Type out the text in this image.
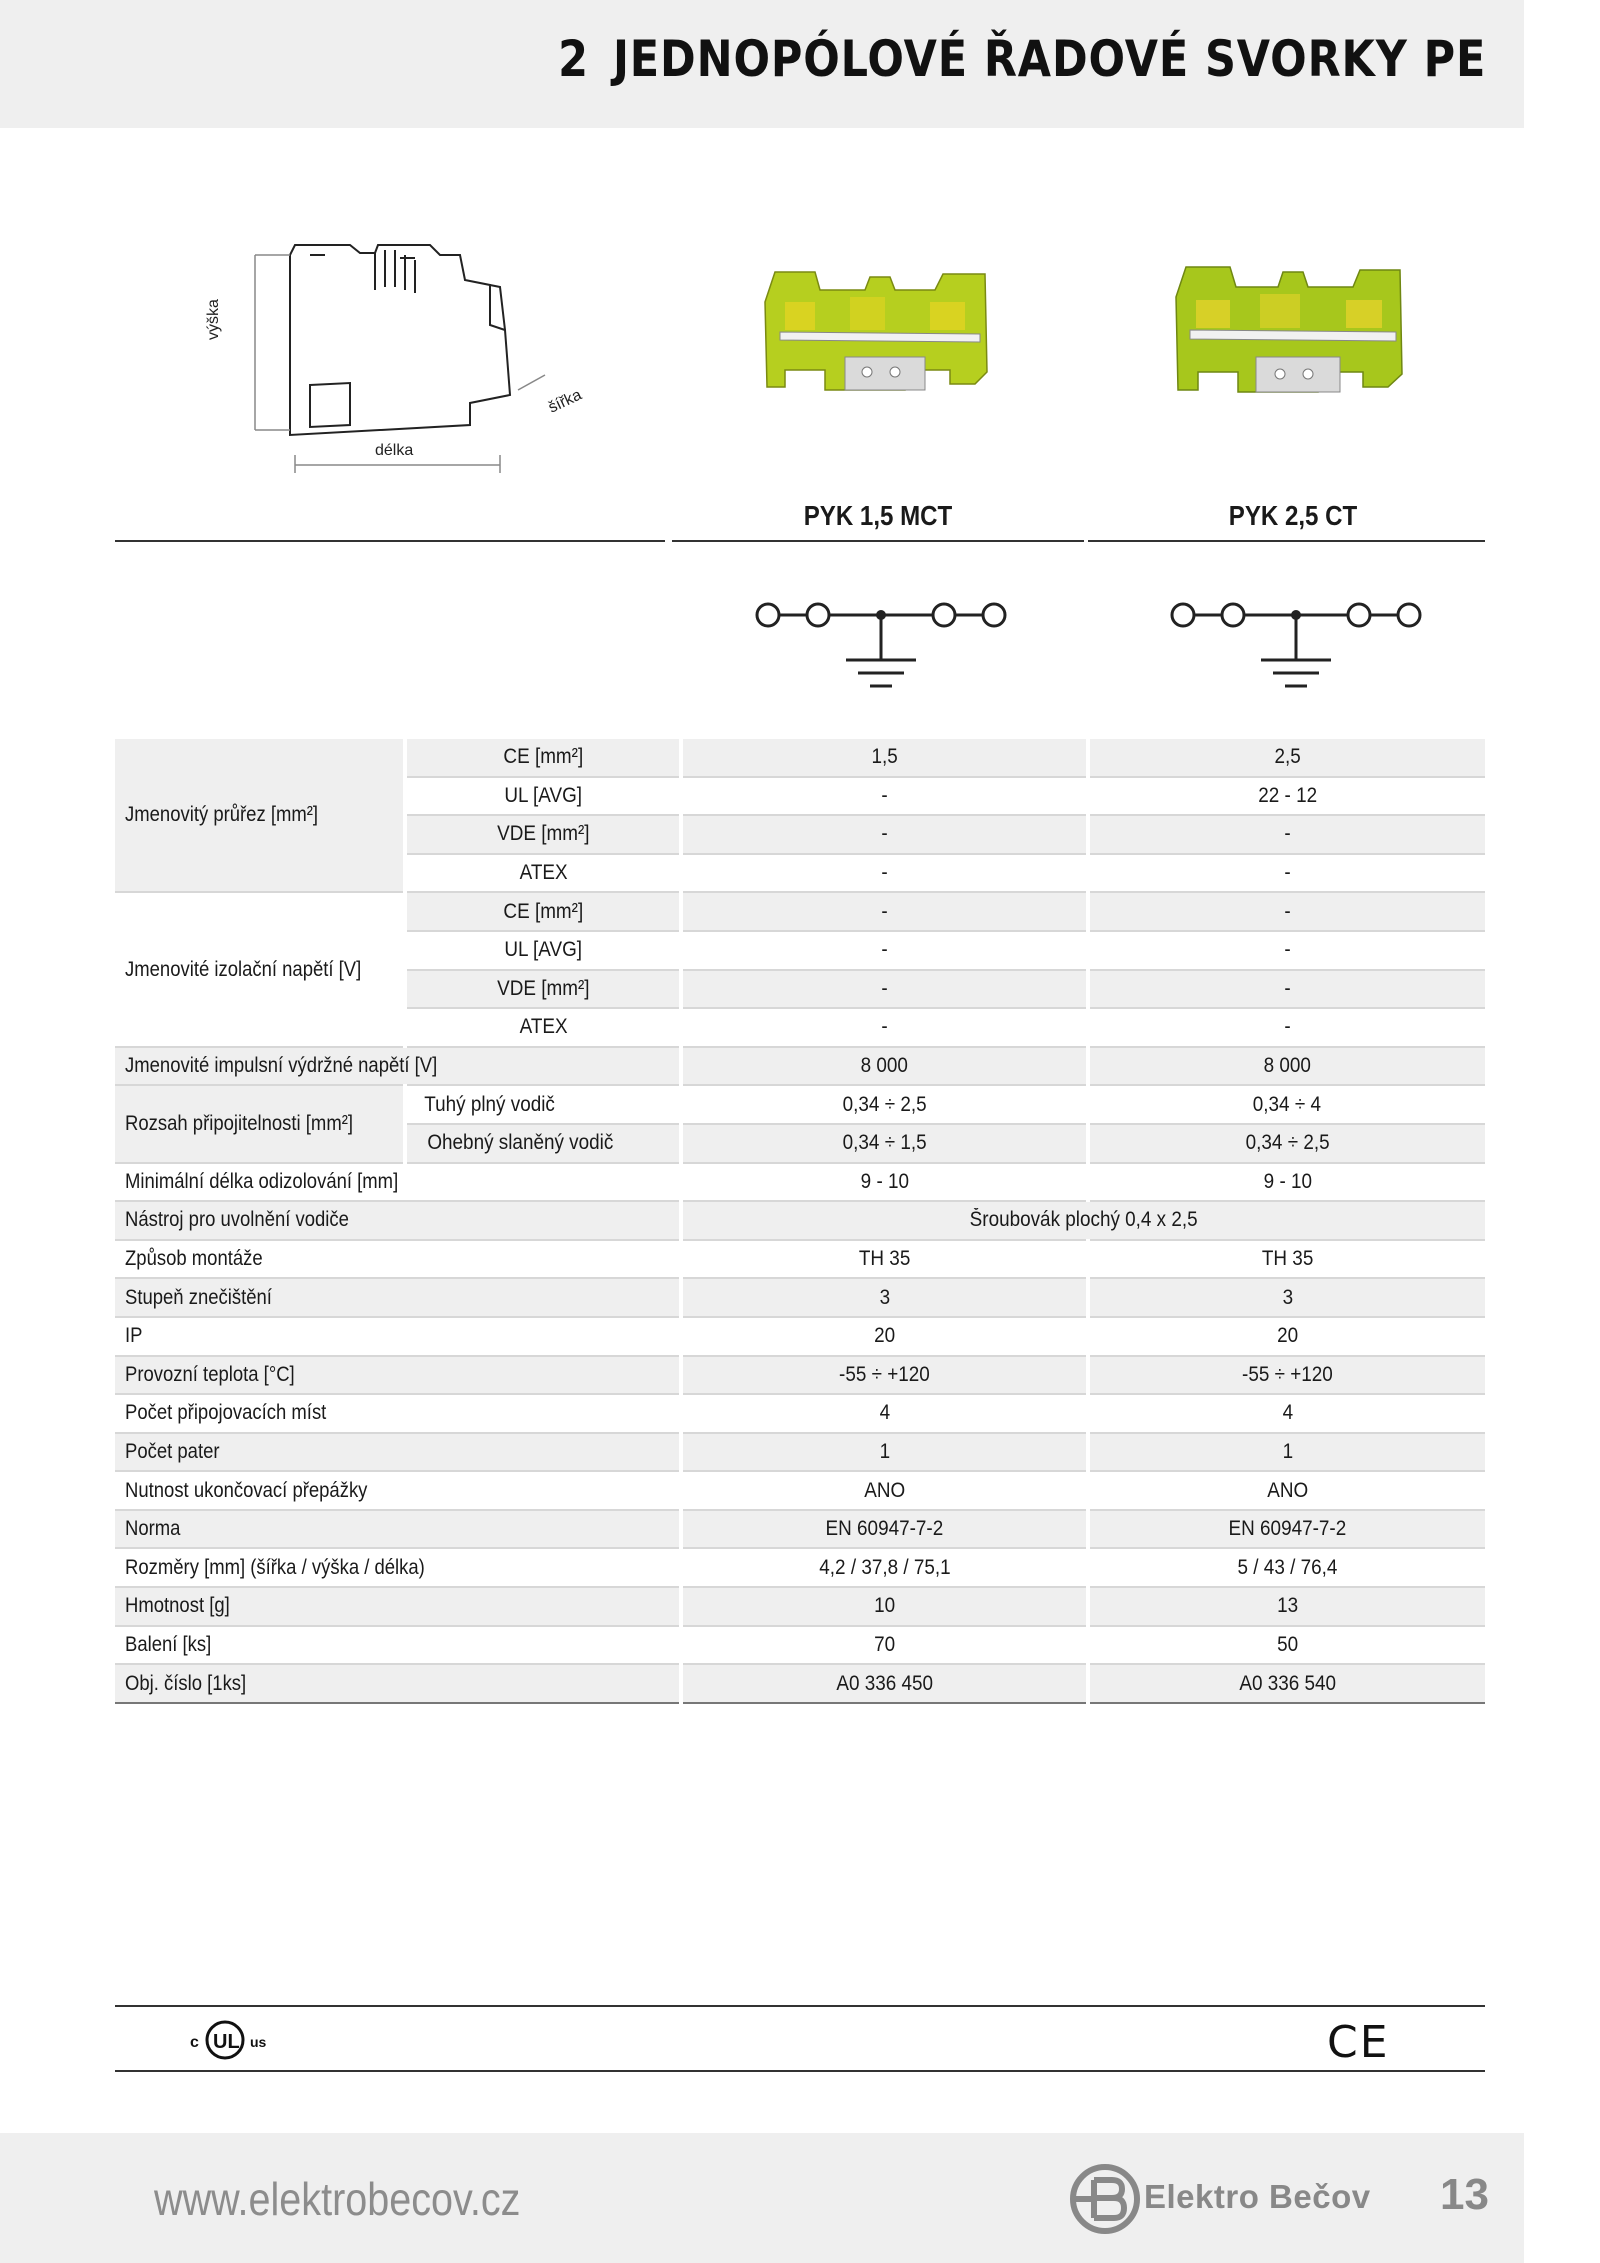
2 JEDNOPÓLOVÉ ŘADOVÉ SVORKY PE
výška
šířka
délka
PYK 1,5 MCT	PYK 2,5 CT
Jmenovitý průřez [mm²]	CE [mm²]	1,5	2,5
	UL [AVG]	-	22 - 12
	VDE [mm²]	-	-
	ATEX	-	-
Jmenovité izolační napětí [V]	CE [mm²]	-	-
	UL [AVG]	-	-
	VDE [mm²]	-	-
	ATEX	-	-
Jmenovité impulsní výdržné napětí [V]		8 000	8 000
Rozsah připojitelnosti [mm²]	Tuhý plný vodič	0,34 ÷ 2,5	0,34 ÷ 4
	Ohebný slaněný vodič	0,34 ÷ 1,5	0,34 ÷ 2,5
Minimální délka odizolování [mm]		9 - 10	9 - 10
Nástroj pro uvolnění vodiče		Šroubovák plochý 0,4 x 2,5	
Způsob montáže		TH 35	TH 35
Stupeň znečištění		3	3
IP		20	20
Provozní teplota [°C]		-55 ÷ +120	-55 ÷ +120
Počet připojovacích míst		4	4
Počet pater		1	1
Nutnost ukončovací přepážky		ANO	ANO
Norma		EN 60947-7-2	EN 60947-7-2
Rozměry [mm] (šířka / výška / délka)		4,2 / 37,8 / 75,1	5 / 43 / 76,4
Hmotnost [g]		10	13
Balení [ks]		70	50
Obj. číslo [1ks]		A0 336 450	A0 336 540
c UL us	CE
www.elektrobecov.cz	Elektro Bečov 13
